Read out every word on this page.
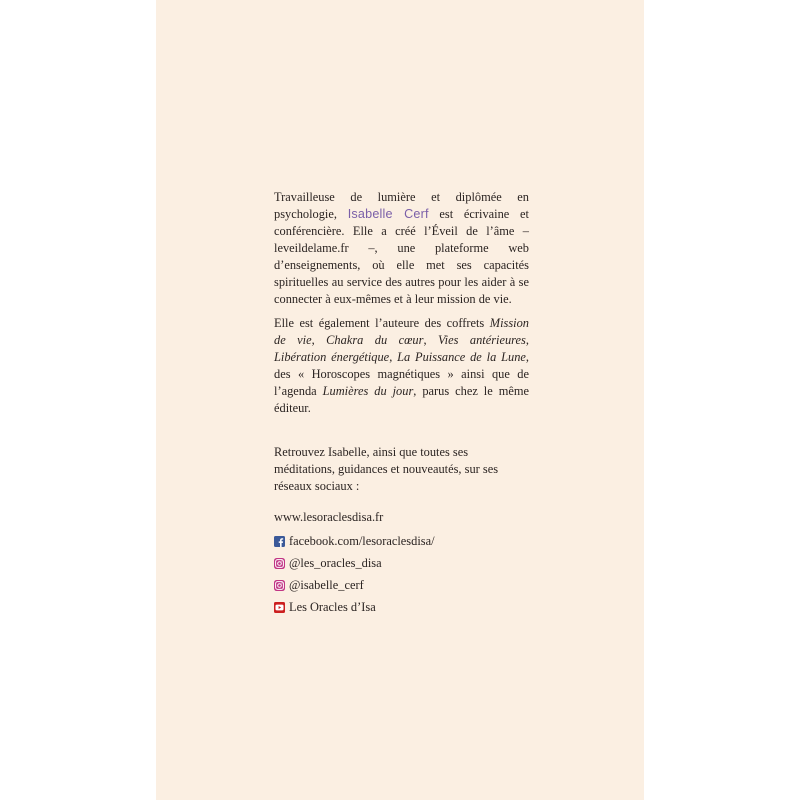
Travailleuse de lumière et diplômée en psychologie, Isabelle Cerf est écrivaine et conférencière. Elle a créé l’Éveil de l’âme – leveildelame.fr –, une plateforme web d’enseignements, où elle met ses capacités spirituelles au service des autres pour les aider à se connecter à eux-mêmes et à leur mission de vie.

Elle est également l’auteure des coffrets Mission de vie, Chakra du cœur, Vies antérieures, Libération énergétique, La Puissance de la Lune, des « Horoscopes magnétiques » ainsi que de l’agenda Lumières du jour, parus chez le même éditeur.

Retrouvez Isabelle, ainsi que toutes ses méditations, guidances et nouveautés, sur ses réseaux sociaux :

www.lesoraclesdisa.fr
facebook.com/lesoraclesdisa/
@les_oracles_disa
@isabelle_cerf
Les Oracles d’Isa
